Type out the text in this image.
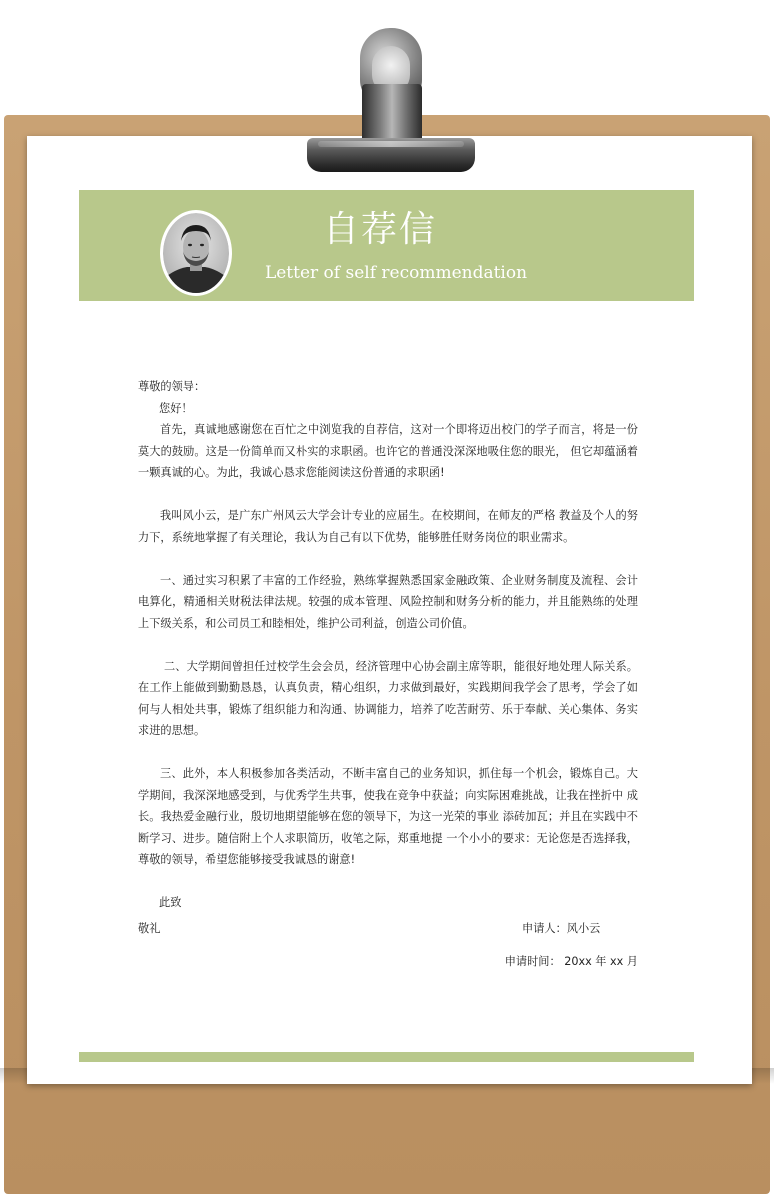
自荐信
Letter of self recommendation

尊敬的领导：

您好！

首先，真诚地感谢您在百忙之中浏览我的自荐信，这对一个即将迈出校门的学子而言，将是一份莫大的鼓励。这是一份简单而又朴实的求职函。也许它的普通没深深地吸住您的眼光， 但它却蕴涵着一颗真诚的心。为此，我诚心恳求您能阅读这份普通的求职函!

我叫风小云，是广东广州风云大学会计专业的应届生。在校期间，在师友的严格 教益及个人的努力下，系统地掌握了有关理论，我认为自己有以下优势，能够胜任财务岗位的职业需求。

一、通过实习积累了丰富的工作经验，熟练掌握熟悉国家金融政策、企业财务制度及流程、会计电算化，精通相关财税法律法规。较强的成本管理、风险控制和财务分析的能力，并且能熟练的处理上下级关系，和公司员工和睦相处，维护公司利益，创造公司价值。

二、大学期间曾担任过校学生会会员，经济管理中心协会副主席等职，能很好地处理人际关系。在工作上能做到勤勤恳恳，认真负责，精心组织，力求做到最好，实践期间我学会了思考，学会了如何与人相处共事，锻炼了组织能力和沟通、协调能力，培养了吃苦耐劳、乐于奉献、关心集体、务实求进的思想。

三、此外，本人积极参加各类活动，不断丰富自己的业务知识，抓住每一个机会，锻炼自己。大学期间，我深深地感受到，与优秀学生共事，使我在竞争中获益；向实际困难挑战，让我在挫折中 成长。我热爱金融行业，殷切地期望能够在您的领导下，为这一光荣的事业 添砖加瓦；并且在实践中不断学习、进步。随信附上个人求职简历，收笔之际，郑重地提 一个小小的要求：无论您是否选择我，尊敬的领导，希望您能够接受我诚恳的谢意!

此致

敬礼	申请人：风小云
申请时间： 20xx 年 xx 月
